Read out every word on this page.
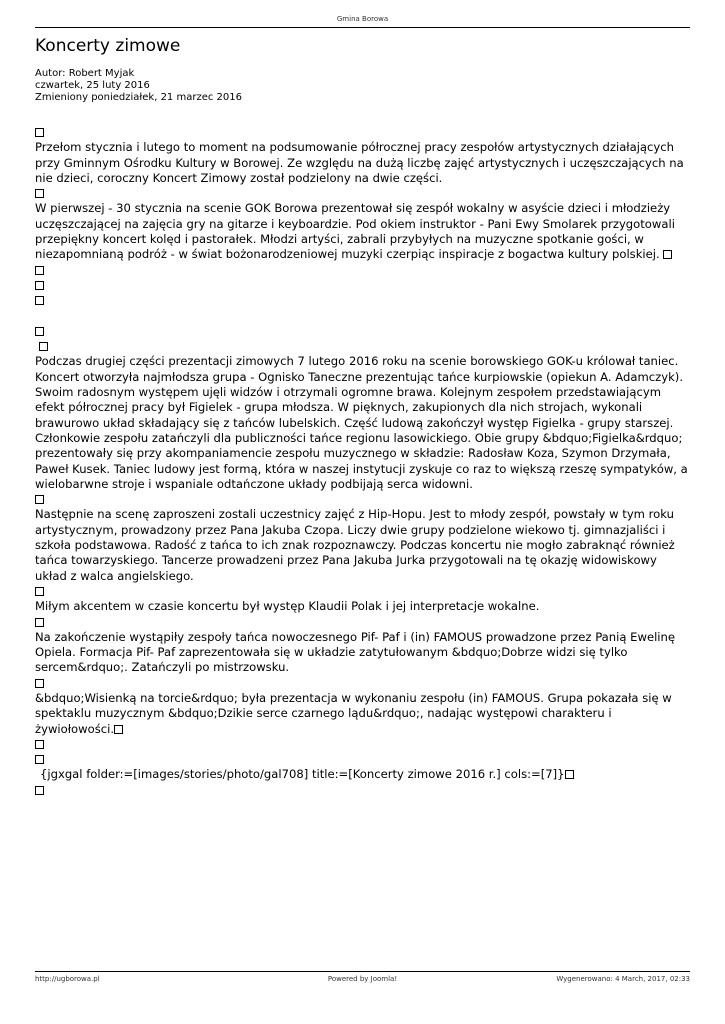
Gmina Borowa
Koncerty zimowe
Autor: Robert Myjak
czwartek, 25 luty 2016
Zmieniony poniedziałek, 21 marzec 2016

Przełom stycznia i lutego to moment na podsumowanie półrocznej pracy zespołów artystycznych działających przy Gminnym Ośrodku Kultury w Borowej. Ze względu na dużą liczbę zajęć artystycznych i uczęszczających na nie dzieci, coroczny Koncert Zimowy został podzielony na dwie części.

W pierwszej - 30 stycznia na scenie GOK Borowa prezentował się zespół wokalny w asyście dzieci i młodzieży uczęszczającej na zajęcia gry na gitarze i keyboardzie. Pod okiem instruktor - Pani Ewy Smolarek przygotowali przepiękny koncert kolęd i pastorałek. Młodzi artyści, zabrali przybyłych na muzyczne spotkanie gości, w niezapomnianą podróż - w świat bożonarodzeniowej muzyki czerpiąc inspiracje z bogactwa kultury polskiej.

Podczas drugiej części prezentacji zimowych 7 lutego 2016 roku na scenie borowskiego GOK-u królował taniec. Koncert otworzyła najmłodsza grupa - Ognisko Taneczne prezentując tańce kurpiowskie (opiekun A. Adamczyk). Swoim radosnym występem ujęli widzów i otrzymali ogromne brawa. Kolejnym zespołem przedstawiającym efekt półrocznej pracy był Figielek - grupa młodsza. W pięknych, zakupionych dla nich strojach, wykonali brawurowo układ składający się z tańców lubelskich. Część ludową zakończył występ Figielka - grupy starszej. Członkowie zespołu zatańczyli dla publiczności tańce regionu lasowickiego. Obie grupy &bdquo;Figielka&rdquo; prezentowały się przy akompaniamencie zespołu muzycznego w składzie: Radosław Koza, Szymon Drzymała, Paweł Kusek. Taniec ludowy jest formą, która w naszej instytucji zyskuje co raz to większą rzeszę sympatyków, a wielobarwne stroje i wspaniale odtańczone układy podbijają serca widowni.

Następnie na scenę zaproszeni zostali uczestnicy zajęć z Hip-Hopu. Jest to młody zespół, powstały w tym roku artystycznym, prowadzony przez Pana Jakuba Czopa. Liczy dwie grupy podzielone wiekowo tj. gimnazjaliści i szkoła podstawowa. Radość z tańca to ich znak rozpoznawczy. Podczas koncertu nie mogło zabraknąć również tańca towarzyskiego. Tancerze prowadzeni przez Pana Jakuba Jurka przygotowali na tę okazję widowiskowy układ z walca angielskiego.

Miłym akcentem w czasie koncertu był występ Klaudii Polak i jej interpretacje wokalne.

Na zakończenie wystąpiły zespoły tańca nowoczesnego Pif- Paf i (in) FAMOUS prowadzone przez Panią Ewelinę Opiela. Formacja Pif- Paf zaprezentowała się w układzie zatytułowanym &bdquo;Dobrze widzi się tylko sercem&rdquo;. Zatańczyli po mistrzowsku.

&bdquo;Wisienką na torcie&rdquo; była prezentacja w wykonaniu zespołu (in) FAMOUS. Grupa pokazała się w spektaklu muzycznym &bdquo;Dzikie serce czarnego lądu&rdquo;, nadając występowi charakteru i żywiołowości.

{jgxgal folder:=[images/stories/photo/gal708] title:=[Koncerty zimowe 2016 r.] cols:=[7]}

http://ugborowa.pl	Powered by Joomla!	Wygenerowano: 4 March, 2017, 02:33
